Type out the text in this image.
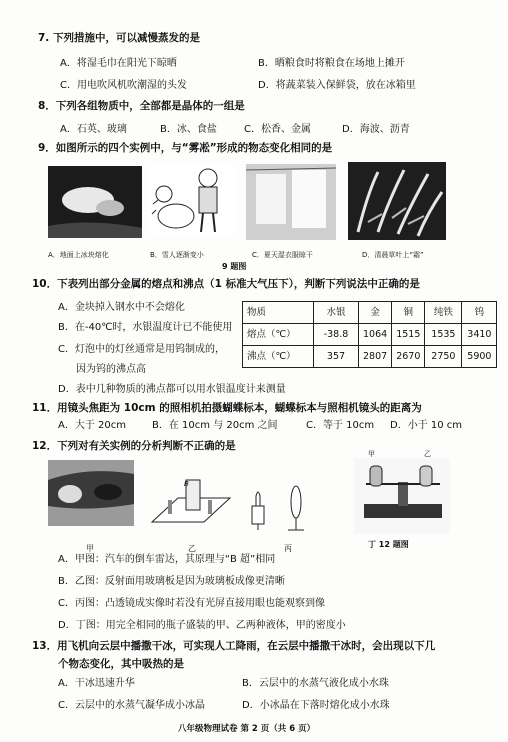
7. 下列措施中，可以减慢蒸发的是
A．将湿毛巾在阳光下晾晒	B．晒粮食时将粮食在场地上摊开
C．用电吹风机吹潮湿的头发	D．将蔬菜装入保鲜袋，放在冰箱里
8．下列各组物质中，全部都是晶体的一组是
A．石英、玻璃	B．冰、食盐	C．松香、金属	D．海波、沥青
9．如图所示的四个实例中，与“雾凇”形成的物态变化相同的是
A．地面上冰块熔化	B．雪人逐渐变小	C．夏天湿衣服晾干	D．清晨草叶上“霜”
9 题图
10．下表列出部分金属的熔点和沸点（1 标准大气压下），判断下列说法中正确的是
A．金块掉入钢水中不会熔化
B．在-40℃时，水银温度计已不能使用
C．灯泡中的灯丝通常是用钨制成的，
因为钨的沸点高
D．表中几种物质的沸点都可以用水银温度计来测量
物质	水银	金	铜	纯铁	钨
熔点（℃）	-38.8	1064	1515	1535	3410
沸点（℃）	357	2807	2670	2750	5900
11．用镜头焦距为 10cm 的照相机拍摄蝴蝶标本，蝴蝶标本与照相机镜头的距离为
A．大于 20cm	B．在 10cm 与 20cm 之间	C．等于 10cm D．小于 10 cm
12．下列对有关实例的分析判断不正确的是
B
甲	乙
甲	乙	丙	丁 12 题图
A．甲图：汽车的倒车雷达，其原理与“B 超”相同
B．乙图：反射面用玻璃板是因为玻璃板成像更清晰
C．丙图：凸透镜成实像时若没有光屏直接用眼也能观察到像
D．丁图：用完全相同的瓶子盛装的甲、乙两种液体，甲的密度小
13．用飞机向云层中播撒干冰，可实现人工降雨，在云层中播撒干冰时，会出现以下几
个物态变化，其中吸热的是
A．干冰迅速升华	B．云层中的水蒸气液化成小水珠
C．云层中的水蒸气凝华成小冰晶	D．小冰晶在下落时熔化成小水珠
八年级物理试卷 第 2 页（共 6 页）
